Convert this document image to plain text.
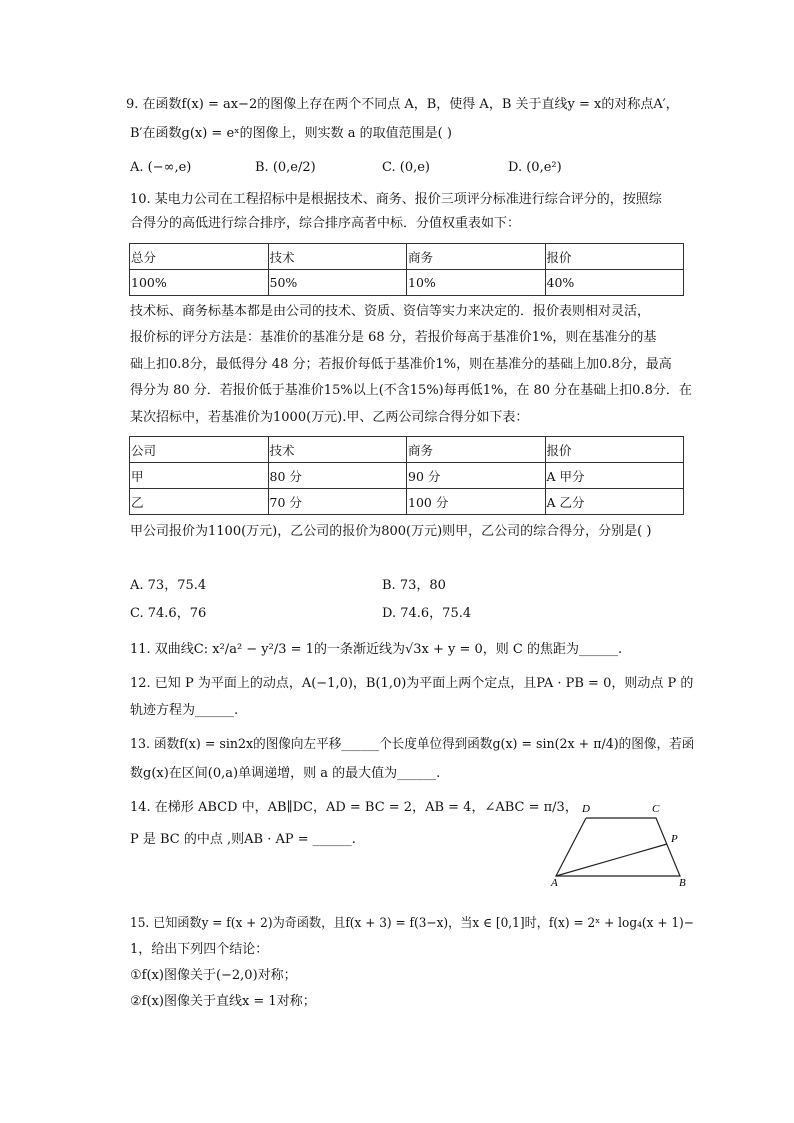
9. 在函数f(x) = ax−2的图像上存在两个不同点 A，B，使得 A，B 关于直线y = x的对称点A′，
B′在函数g(x) = eˣ的图像上，则实数 a 的取值范围是( )
A. (−∞,e)	B. (0,e/2)	C. (0,e)	D. (0,e²)
10. 某电力公司在工程招标中是根据技术、商务、报价三项评分标准进行综合评分的，按照综
合得分的高低进行综合排序，综合排序高者中标．分值权重表如下：
总分	技术	商务	报价
100%	50%	10%	40%
技术标、商务标基本都是由公司的技术、资质、资信等实力来决定的．报价表则相对灵活，
报价标的评分方法是：基准价的基准分是 68 分，若报价每高于基准价1%，则在基准分的基
础上扣0.8分，最低得分 48 分；若报价每低于基准价1%，则在基准分的基础上加0.8分，最高
得分为 80 分．若报价低于基准价15%以上(不含15%)每再低1%，在 80 分在基础上扣0.8分．在
某次招标中，若基准价为1000(万元).甲、乙两公司综合得分如下表：
公司	技术	商务	报价
甲	80 分	90 分	A 甲分
乙	70 分	100 分	A 乙分
甲公司报价为1100(万元)，乙公司的报价为800(万元)则甲，乙公司的综合得分，分别是( )
A. 73，75.4	B. 73，80
C. 74.6，76	D. 74.6，75.4
11. 双曲线C: x²/a² − y²/3 = 1的一条渐近线为√3x + y = 0，则 C 的焦距为______.
12. 已知 P 为平面上的动点，A(−1,0)，B(1,0)为平面上两个定点，且PA · PB = 0，则动点 P 的
轨迹方程为______.
13. 函数f(x) = sin2x的图像向左平移______个长度单位得到函数g(x) = sin(2x + π/4)的图像，若函
数g(x)在区间(0,a)单调递增，则 a 的最大值为______.
14. 在梯形 ABCD 中，AB∥DC，AD = BC = 2，AB = 4，∠ABC = π/3，
P 是 BC 的中点 ,则AB · AP = ______.
D	C
P
A	B
15. 已知函数y = f(x + 2)为奇函数，且f(x + 3) = f(3−x)，当x ∈ [0,1]时，f(x) = 2ˣ + log₄(x + 1)−
1，给出下列四个结论：
①f(x)图像关于(−2,0)对称；
②f(x)图像关于直线x = 1对称；
